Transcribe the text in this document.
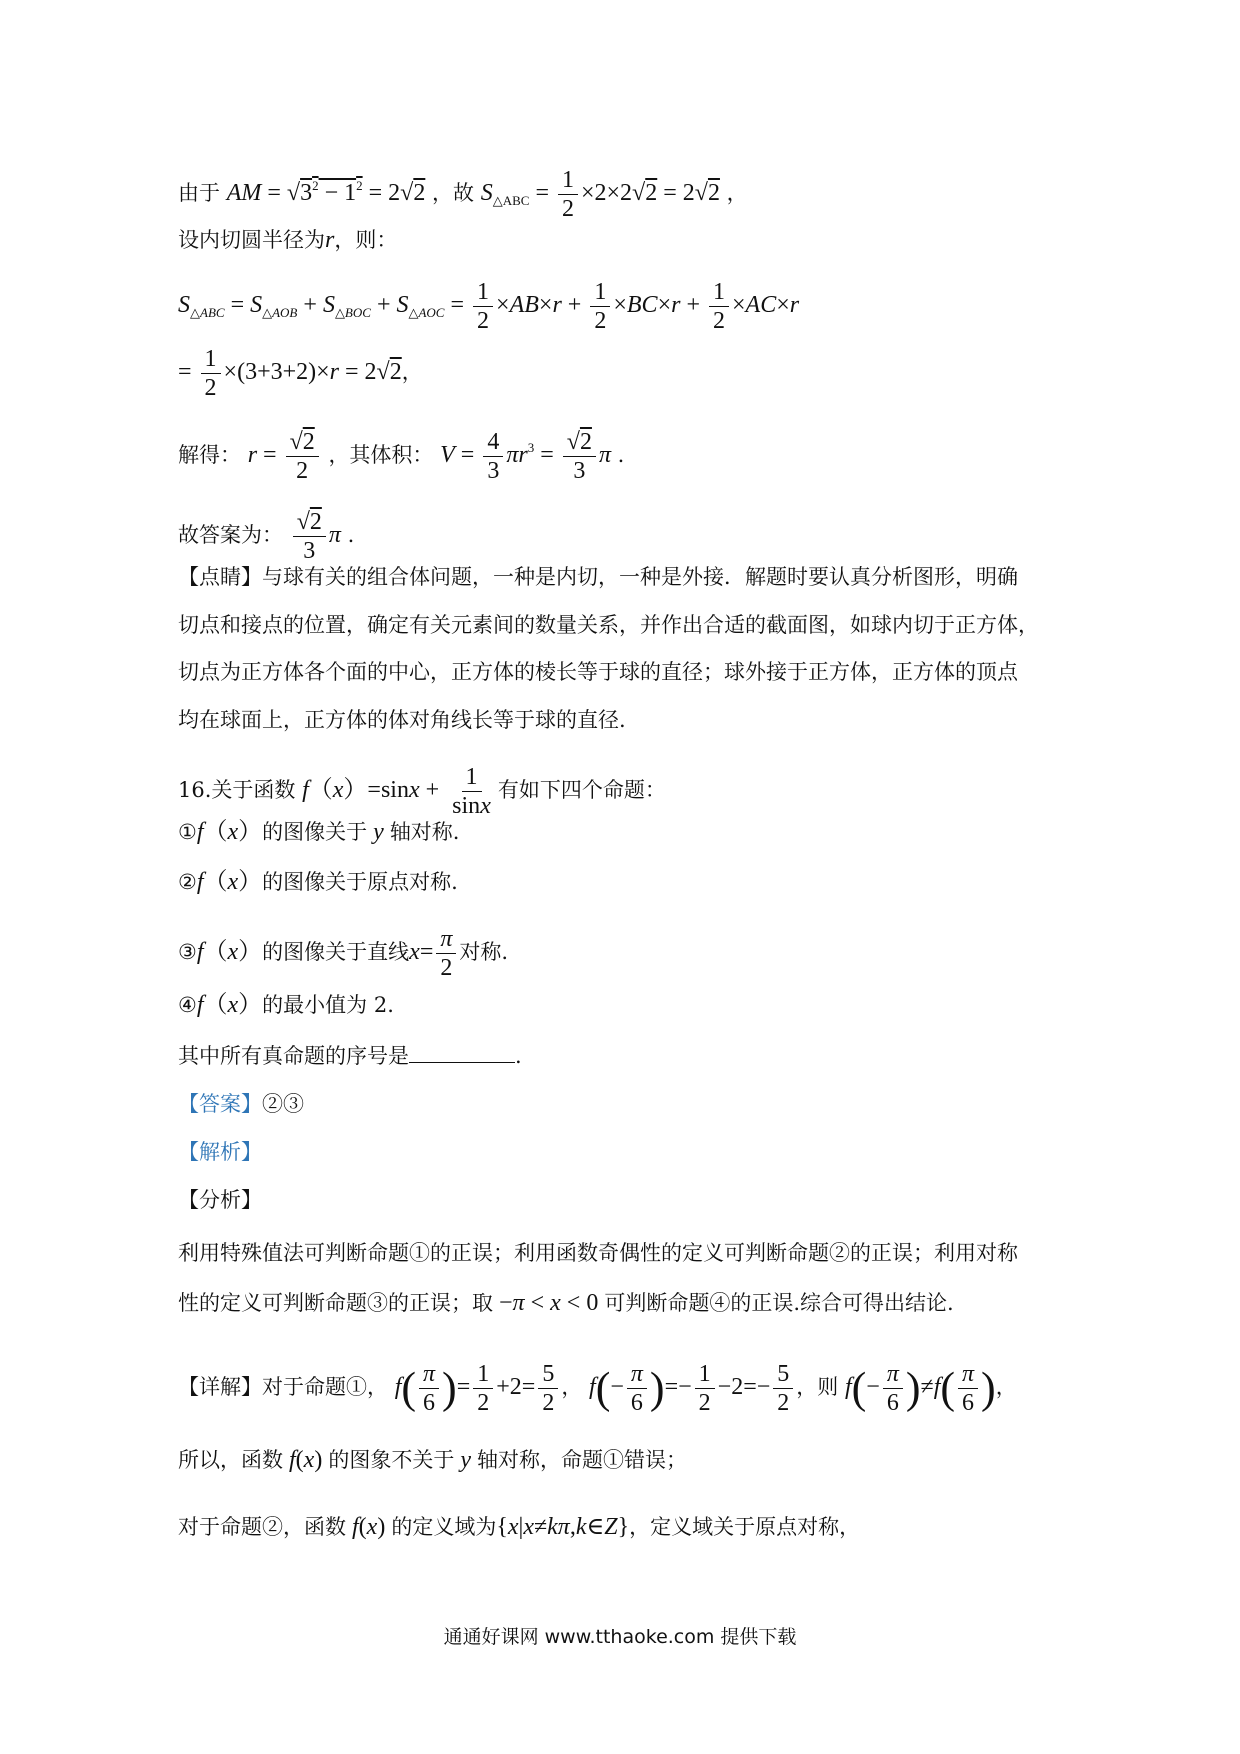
由于 AM = $√3^2 - 1^2 = 2√2$ ，故 $S_{\triangle ABC} = \frac{1}{2} \times 2\times 2√2 = 2√2$ ，
设内切圆半径为r，则：
$S_{\triangle ABC} = S_{\triangle AOB} + S_{\triangle BOC} + S_{\triangle AOC} = \frac{1}{2} \times AB\times r + \frac{1}{2} \times BC\times r + \frac{1}{2} \times AC\times r$
= $\frac{1}{2} \times(3+3+2)\times r = 2√2$，
解得： $r = \frac{√2}{2}$ ，其体积： $V = \frac{4}{3} \pi r^3 = \frac{√2}{3}$ π .
故答案为： $\frac{√2}{3}$ π .
【点睛】与球有关的组合体问题，一种是内切，一种是外接．解题时要认真分析图形，明确
切点和接点的位置，确定有关元素间的数量关系，并作出合适的截面图，如球内切于正方体，
切点为正方体各个面的中心，正方体的棱长等于球的直径；球外接于正方体，正方体的顶点
均在球面上，正方体的体对角线长等于球的直径.
16.关于函数 $f(x)=\sin x + \frac{1}{\sin x}$ 有如下四个命题：
①f（x）的图像关于 y 轴对称.
②f（x）的图像关于原点对称.
③f（x）的图像关于直线$x= \frac{\pi}{2}$ 对称.
④f（x）的最小值为 2.
其中所有真命题的序号是	.
【答案】②③
【解析】
【分析】
利用特殊值法可判断命题①的正误；利用函数奇偶性的定义可判断命题②的正误；利用对称
性的定义可判断命题③的正误；取 −π < x < 0 可判断命题④的正误.综合可得出结论.
【详解】对于命题①， $f( \frac{\pi}{6}$ )= $\frac{1}{2} +2= \frac{5}{2}$ ， $f(- \frac{\pi}{6}$ )=− $\frac{1}{2} -2=- \frac{5}{2}$ ，则 $f(- \frac{\pi}{6} )\ne f( \frac{\pi}{6}$ )，
所以，函数 f(x) 的图象不关于 y 轴对称，命题①错误；
对于命题②，函数 f(x) 的定义域为{x|x≠kπ,k∈Z}，定义域关于原点对称，
通通好课网 www.tthaoke.com 提供下载
